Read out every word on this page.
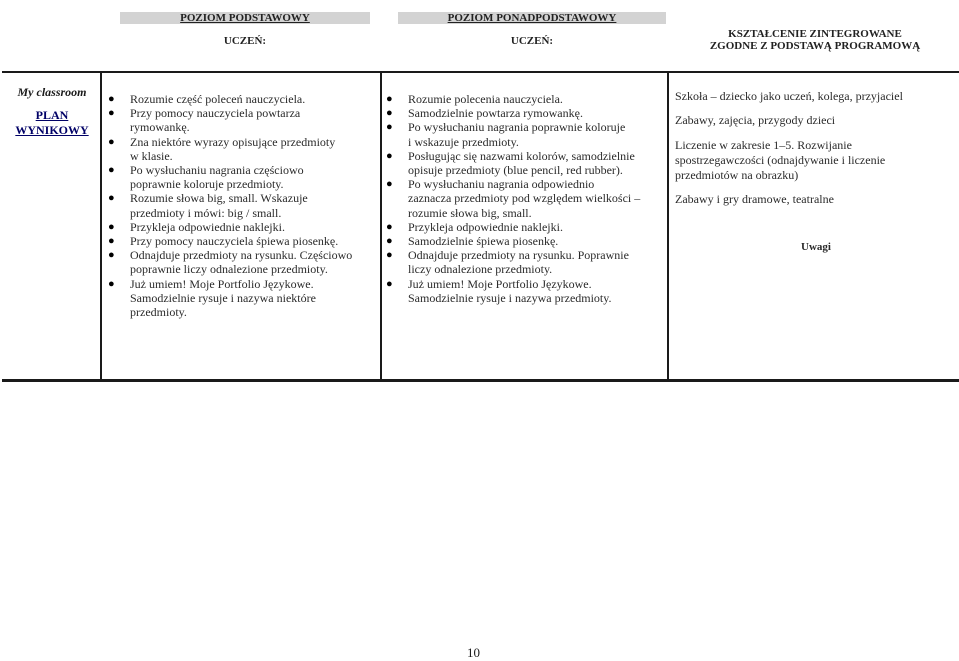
POZIOM PODSTAWOWY
UCZEŃ:
POZIOM PONADPODSTAWOWY
UCZEŃ:
KSZTAŁCENIE ZINTEGROWANE
ZGODNE Z PODSTAWĄ PROGRAMOWĄ
My classroom
PLAN
WYNIKOWY
● Rozumie część poleceń nauczyciela.
● Przy pomocy nauczyciela powtarza
rymowankę.
● Zna niektóre wyrazy opisujące przedmioty
w klasie.
● Po wysłuchaniu nagrania częściowo
poprawnie koloruje przedmioty.
● Rozumie słowa big, small. Wskazuje
przedmioty i mówi: big / small.
● Przykleja odpowiednie naklejki.
● Przy pomocy nauczyciela śpiewa piosenkę.
● Odnajduje przedmioty na rysunku. Częściowo
poprawnie liczy odnalezione przedmioty.
● Już umiem! Moje Portfolio Językowe.
Samodzielnie rysuje i nazywa niektóre
przedmioty.
● Rozumie polecenia nauczyciela.
● Samodzielnie powtarza rymowankę.
● Po wysłuchaniu nagrania poprawnie koloruje
i wskazuje przedmioty.
● Posługując się nazwami kolorów, samodzielnie
opisuje przedmioty (blue pencil, red rubber).
● Po wysłuchaniu nagrania odpowiednio
zaznacza przedmioty pod względem wielkości –
rozumie słowa big, small.
● Przykleja odpowiednie naklejki.
● Samodzielnie śpiewa piosenkę.
● Odnajduje przedmioty na rysunku. Poprawnie
liczy odnalezione przedmioty.
● Już umiem! Moje Portfolio Językowe.
Samodzielnie rysuje i nazywa przedmioty.

Szkoła – dziecko jako uczeń, kolega, przyjaciel

Zabawy, zajęcia, przygody dzieci

Liczenie w zakresie 1–5. Rozwijanie
spostrzegawczości (odnajdywanie i liczenie
przedmiotów na obrazku)

Zabawy i gry dramowe, teatralne

Uwagi
10
